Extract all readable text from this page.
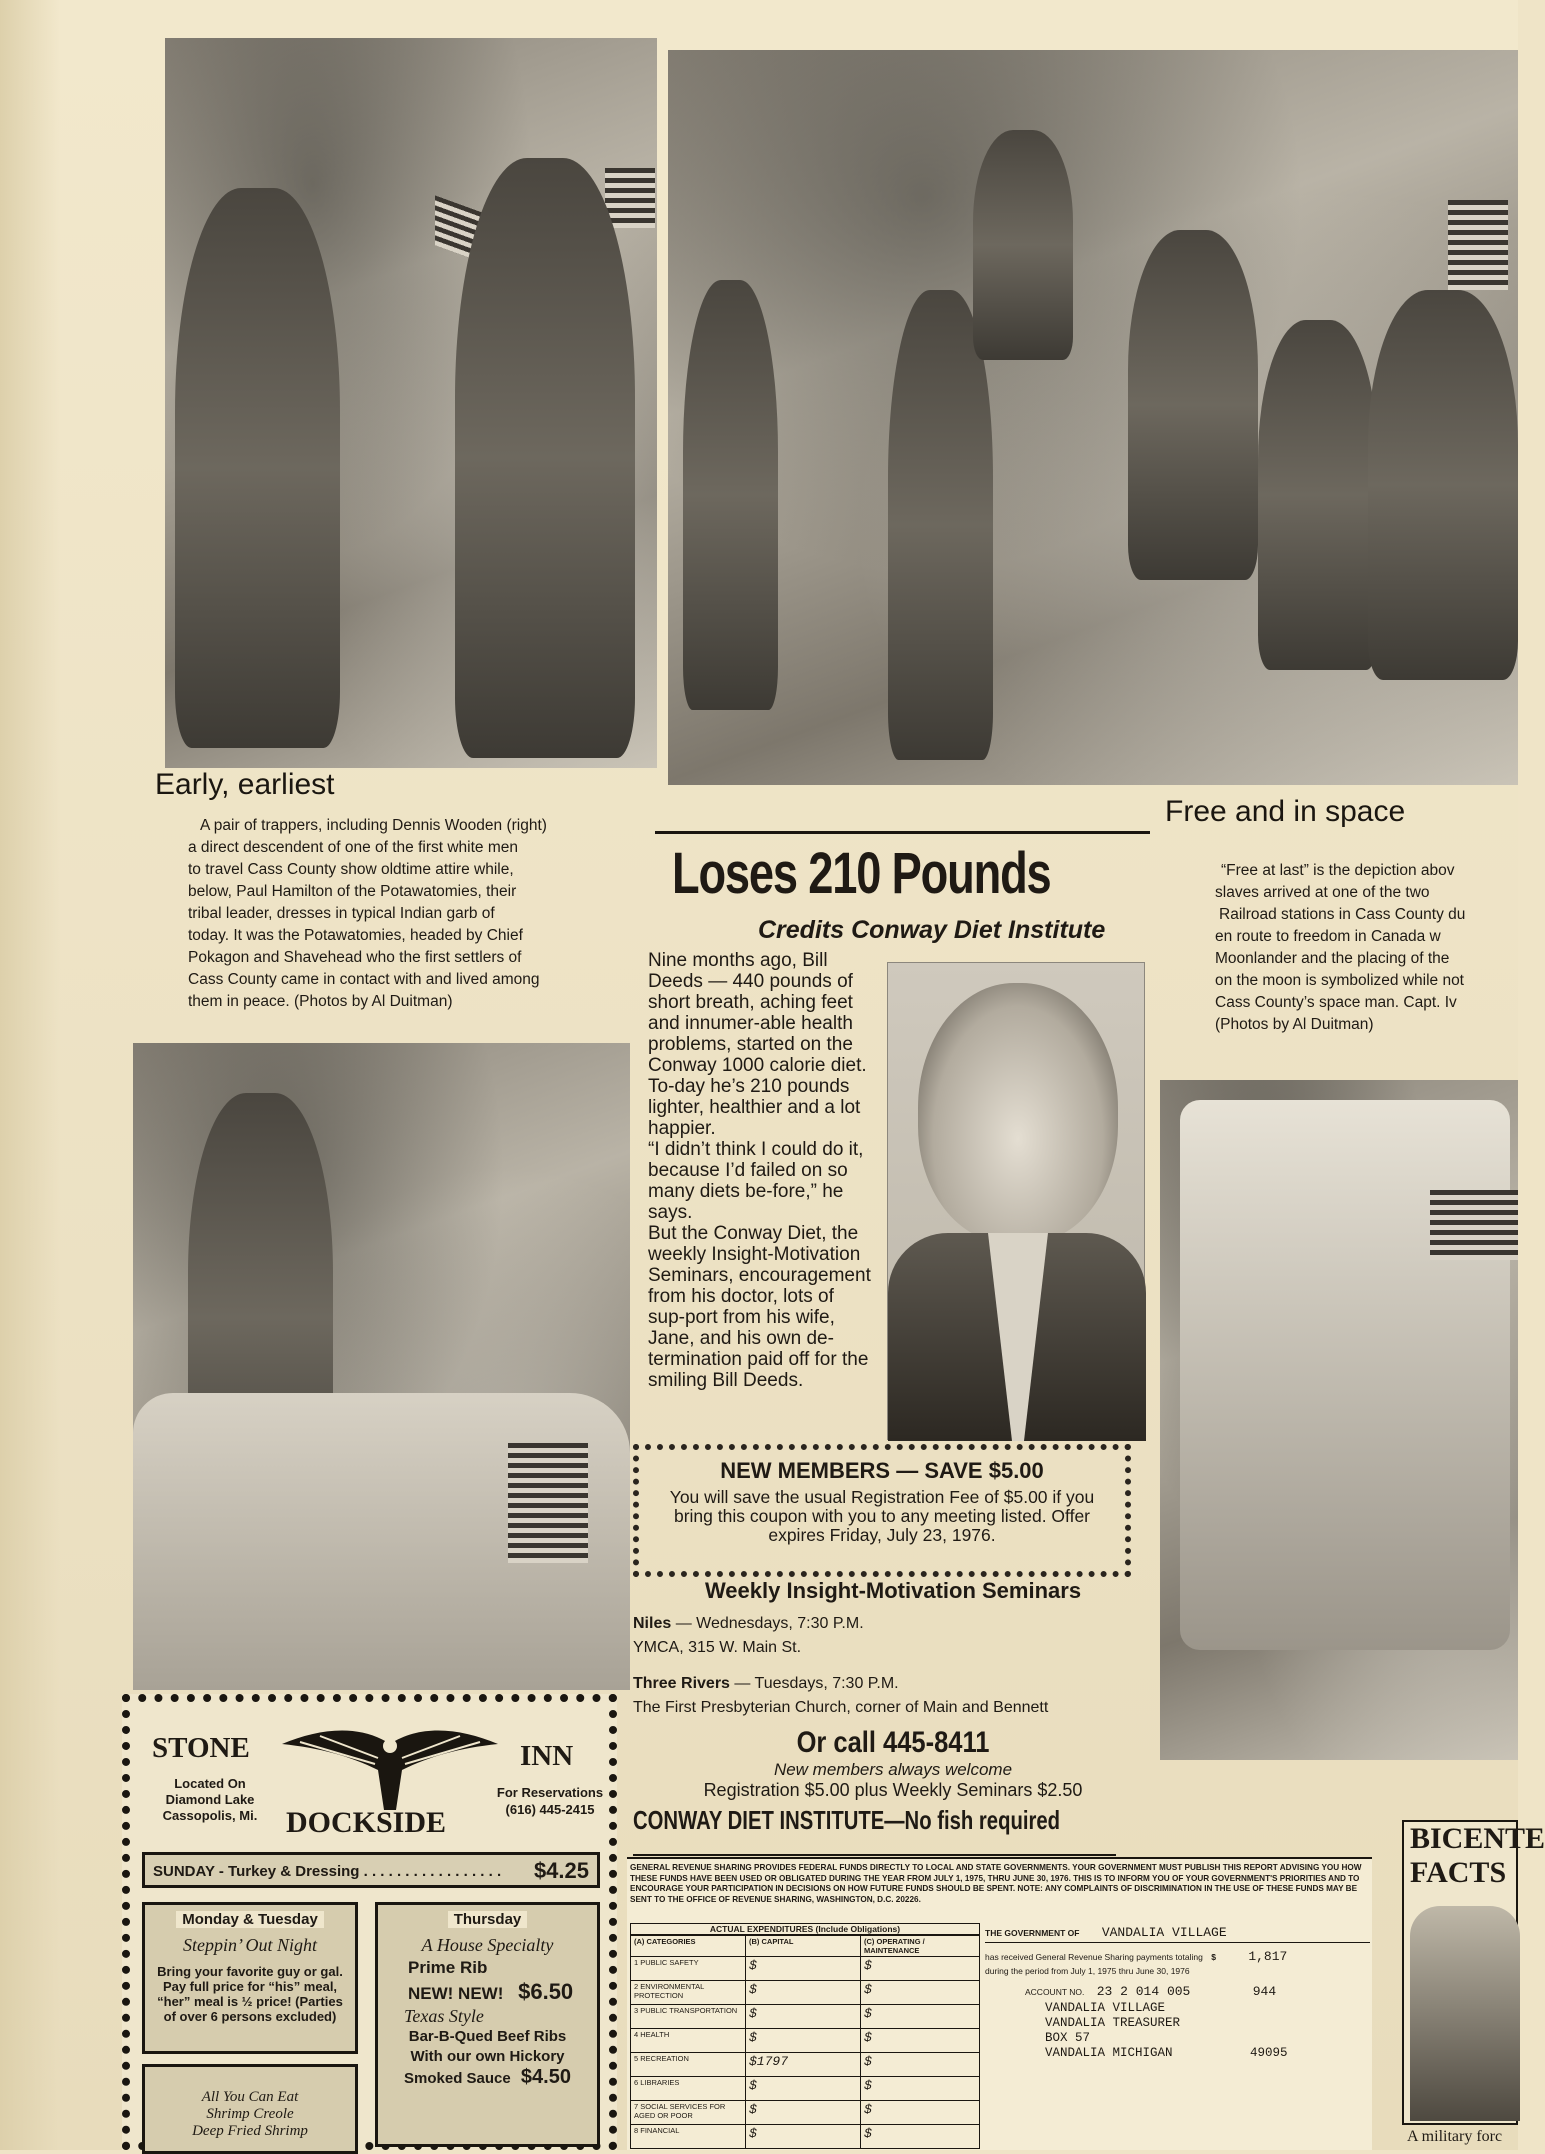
Early, earliest
A pair of trappers, including Dennis Wooden (right)
a direct descendent of one of the first white men
to travel Cass County show oldtime attire while,
below, Paul Hamilton of the Potawatomies, their
tribal leader, dresses in typical Indian garb of
today. It was the Potawatomies, headed by Chief
Pokagon and Shavehead who the first settlers of
Cass County came in contact with and lived among
them in peace. (Photos by Al Duitman)
Free and in space
“Free at last” is the depiction abov
slaves arrived at one of the two
Railroad stations in Cass County du
en route to freedom in Canada w
Moonlander and the placing of the
on the moon is symbolized while not
Cass County’s space man. Capt. Iv
(Photos by Al Duitman)
Loses 210 Pounds
Credits Conway Diet Institute

Nine months ago, Bill Deeds — 440 pounds of short breath, aching feet and innumer-able health problems, started on the Conway 1000 calorie diet. To-day he’s 210 pounds lighter, healthier and a lot happier.

“I didn’t think I could do it, because I’d failed on so many diets be-fore,” he says.

But the Conway Diet, the weekly Insight-Motivation Seminars, encouragement from his doctor, lots of sup-port from his wife, Jane, and his own de-termination paid off for the smiling Bill Deeds.

NEW MEMBERS — SAVE $5.00
You will save the usual Registration Fee of $5.00 if you bring this coupon with you to any meeting listed. Offer expires Friday, July 23, 1976.
Weekly Insight-Motivation Seminars
Niles — Wednesdays, 7:30 P.M.
YMCA, 315 W. Main St.
Three Rivers — Tuesdays, 7:30 P.M.
The First Presbyterian Church, corner of Main and Bennett
Or call 445-8411
New members always welcome
Registration $5.00 plus Weekly Seminars $2.50
CONWAY DIET INSTITUTE—No fish required
STONE	INN
Located On Diamond Lake Cassopolis, Mi. DOCKSIDE
For Reservations (616) 445-2415
SUNDAY - Turkey & Dressing . . . . . . . . . . . . . . . . . $4.25
Monday & Tuesday
Steppin’ Out Night
Bring your favorite guy or gal. Pay full price for “his” meal, “her” meal is ½ price! (Parties of over 6 persons excluded)
Thursday
A House Specialty
Prime Rib
NEW! NEW! $6.50
Texas Style
Bar-B-Qued Beef Ribs
With our own Hickory
Smoked Sauce $4.50
All You Can Eat
Shrimp Creole
Deep Fried Shrimp
GENERAL REVENUE SHARING PROVIDES FEDERAL FUNDS DIRECTLY TO LOCAL AND STATE GOVERNMENTS. YOUR GOVERNMENT MUST PUBLISH THIS REPORT ADVISING YOU HOW THESE FUNDS HAVE BEEN USED OR OBLIGATED DURING THE YEAR FROM JULY 1, 1975, THRU JUNE 30, 1976. THIS IS TO INFORM YOU OF YOUR GOVERNMENT'S PRIORITIES AND TO ENCOURAGE YOUR PARTICIPATION IN DECISIONS ON HOW FUTURE FUNDS SHOULD BE SPENT. NOTE: ANY COMPLAINTS OF DISCRIMINATION IN THE USE OF THESE FUNDS MAY BE SENT TO THE OFFICE OF REVENUE SHARING, WASHINGTON, D.C. 20226.
ACTUAL EXPENDITURES (Include Obligations)
(A) CATEGORIES	(B) CAPITAL	(C) OPERATING / MAINTENANCE
1 PUBLIC SAFETY	$	$
2 ENVIRONMENTAL PROTECTION	$	$
3 PUBLIC TRANSPORTATION	$	$
4 HEALTH	$	$
5 RECREATION	$1797	$
6 LIBRARIES	$	$
7 SOCIAL SERVICES FOR AGED OR POOR	$	$
8 FINANCIAL	$	$
THE GOVERNMENT OF VANDALIA VILLAGE
has received General Revenue Sharing payments totaling $ 1,817
during the period from July 1, 1975 thru June 30, 1976
ACCOUNT NO. 23 2 014 005	944
VANDALIA VILLAGE
VANDALIA TREASURER
BOX 57
VANDALIA MICHIGAN	49095
BICENTE
FACTS
A military forc
